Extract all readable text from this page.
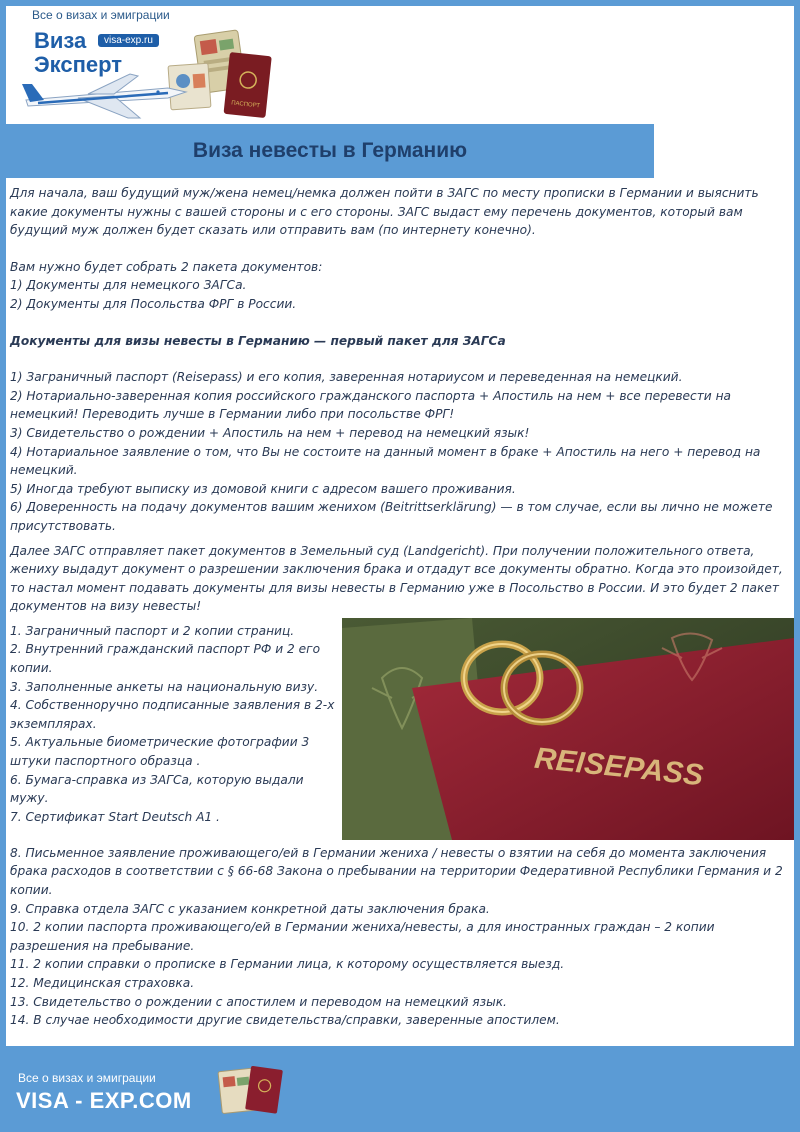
Все о визах и эмиграции
ПАСПОРТ
Виза	visa-exp.ru
Эксперт
Виза невесты в Германию

Для начала, ваш будущий муж/жена немец/немка должен пойти в ЗАГС по месту прописки в Германии и выяснить какие документы нужны с вашей стороны и с его стороны. ЗАГС выдаст ему перечень документов, который вам будущий муж должен будет сказать или отправить вам (по интернету конечно).

Вам нужно будет собрать 2 пакета документов:

1) Документы для немецкого ЗАГСа.

2) Документы для Посольства ФРГ в России.

Документы для визы невесты в Германию — первый пакет для ЗАГСа

1) Заграничный паспорт (Reisepass) и его копия, заверенная нотариусом и переведенная на немецкий.

2) Нотариально-заверенная копия российского гражданского паспорта + Апостиль на нем + все перевести на немецкий! Переводить лучше в Германии либо при посольстве ФРГ!

3) Свидетельство о рождении + Апостиль на нем + перевод на немецкий язык!

4) Нотариальное заявление о том, что Вы не состоите на данный момент в браке + Апостиль на него + перевод на немецкий.

5) Иногда требуют выписку из домовой книги с адресом вашего проживания.

6) Доверенность на подачу документов вашим женихом (Beitrittserklärung) — в том случае, если вы лично не можете присутствовать.

Далее ЗАГС отправляет пакет документов в Земельный суд (Landgericht). При получении положительного ответа, жениху выдадут документ о разрешении заключения брака и отдадут все документы обратно. Когда это произойдет, то настал момент подавать документы для визы невесты в Германию уже в Посольство в России. И это будет 2 пакет документов на визу невесты!

1. Заграничный паспорт и 2 копии страниц.

2. Внутренний гражданский паспорт РФ и 2 его копии.

3. Заполненные анкеты на национальную визу.

4. Собственноручно подписанные заявления в 2-х экземплярах.

5. Актуальные биометрические фотографии 3 штуки паспортного образца .

6. Бумага-справка из ЗАГСа, которую выдали мужу.

7. Сертификат Start Deutsch A1 .

REISEPASS

8. Письменное заявление проживающего/ей в Германии жениха / невесты о взятии на себя до момента заключения брака расходов в соответствии с § 66-68 Закона о пребывании на территории Федеративной Республики Германия и 2 копии.

9. Справка отдела ЗАГС с указанием конкретной даты заключения брака.

10. 2 копии паспорта проживающего/ей в Германии жениха/невесты, а для иностранных граждан – 2 копии разрешения на пребывание.

11. 2 копии справки о прописке в Германии лица, к которому осуществляется выезд.

12. Медицинская страховка.

13. Свидетельство о рождении с апостилем и переводом на немецкий язык.

14. В случае необходимости другие свидетельства/справки, заверенные апостилем.

Все о визах и эмиграции
VISA - EXP.COM
